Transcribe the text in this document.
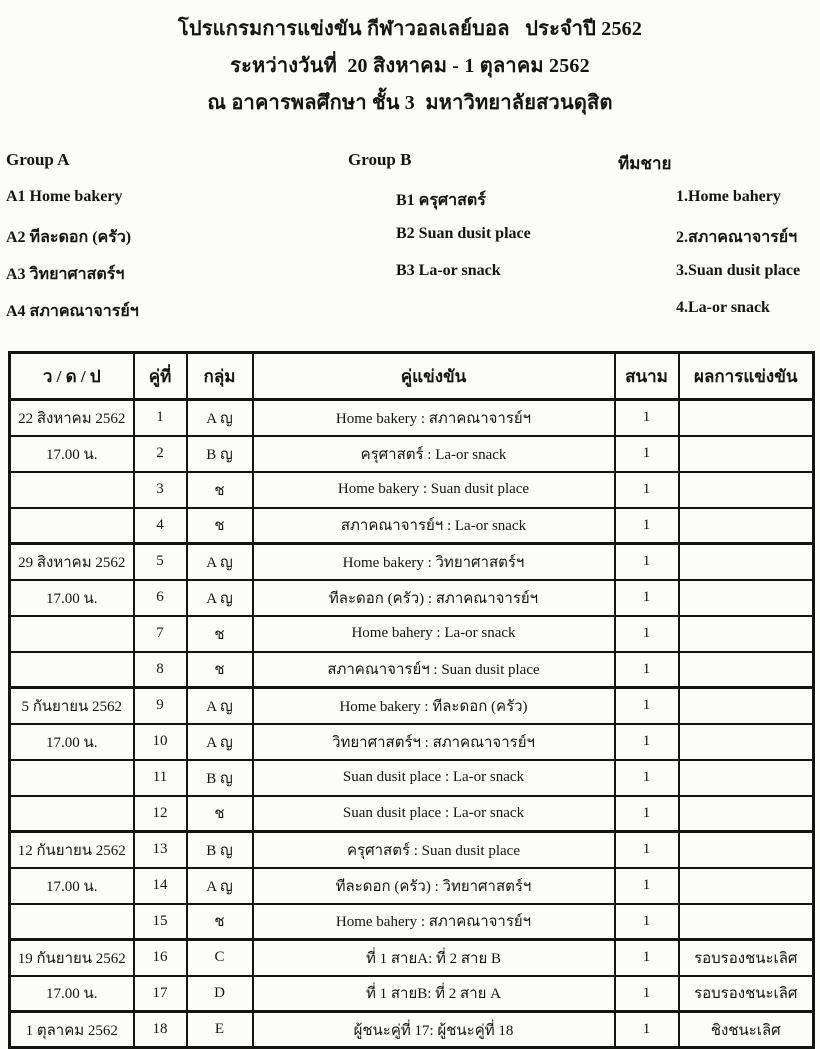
โปรแกรมการแข่งขัน กีฬาวอลเลย์บอล   ประจำปี 2562
ระหว่างวันที่  20 สิงหาคม - 1 ตุลาคม 2562
ณ อาคารพลศึกษา ชั้น 3  มหาวิทยาลัยสวนดุสิต
Group A
A1 Home bakery
A2 ทีละดอก (ครัว)
A3 วิทยาศาสตร์ฯ
A4 สภาคณาจารย์ฯ
Group B
B1 ครุศาสตร์
B2 Suan dusit place
B3 La-or snack
ทีมชาย
1.Home bahery
2.สภาคณาจารย์ฯ
3.Suan dusit place
4.La-or snack
ว / ด / ป	คู่ที่	กลุ่ม	คู่แข่งขัน	สนาม	ผลการแข่งขัน
22 สิงหาคม 2562	1	A ญ	Home bakery : สภาคณาจารย์ฯ	1	
17.00 น.	2	B ญ	ครุศาสตร์ : La-or snack	1	
	3	ช	Home bakery : Suan dusit place	1	
	4	ช	สภาคณาจารย์ฯ : La-or snack	1	
29 สิงหาคม 2562	5	A ญ	Home bakery : วิทยาศาสตร์ฯ	1	
17.00 น.	6	A ญ	ทีละดอก (ครัว) : สภาคณาจารย์ฯ	1	
	7	ช	Home bahery : La-or snack	1	
	8	ช	สภาคณาจารย์ฯ : Suan dusit place	1	
5 กันยายน 2562	9	A ญ	Home bakery : ทีละดอก (ครัว)	1	
17.00 น.	10	A ญ	วิทยาศาสตร์ฯ : สภาคณาจารย์ฯ	1	
	11	B ญ	Suan dusit place : La-or snack	1	
	12	ช	Suan dusit place : La-or snack	1	
12 กันยายน 2562	13	B ญ	ครุศาสตร์ : Suan dusit place	1	
17.00 น.	14	A ญ	ทีละดอก (ครัว) : วิทยาศาสตร์ฯ	1	
	15	ช	Home bahery : สภาคณาจารย์ฯ	1	
19 กันยายน 2562	16	C	ที่ 1 สายA: ที่ 2 สาย B	1	รอบรองชนะเลิศ
17.00 น.	17	D	ที่ 1 สายB: ที่ 2 สาย A	1	รอบรองชนะเลิศ
1 ตุลาคม 2562	18	E	ผู้ชนะคู่ที่ 17: ผู้ชนะคู่ที่ 18	1	ชิงชนะเลิศ
